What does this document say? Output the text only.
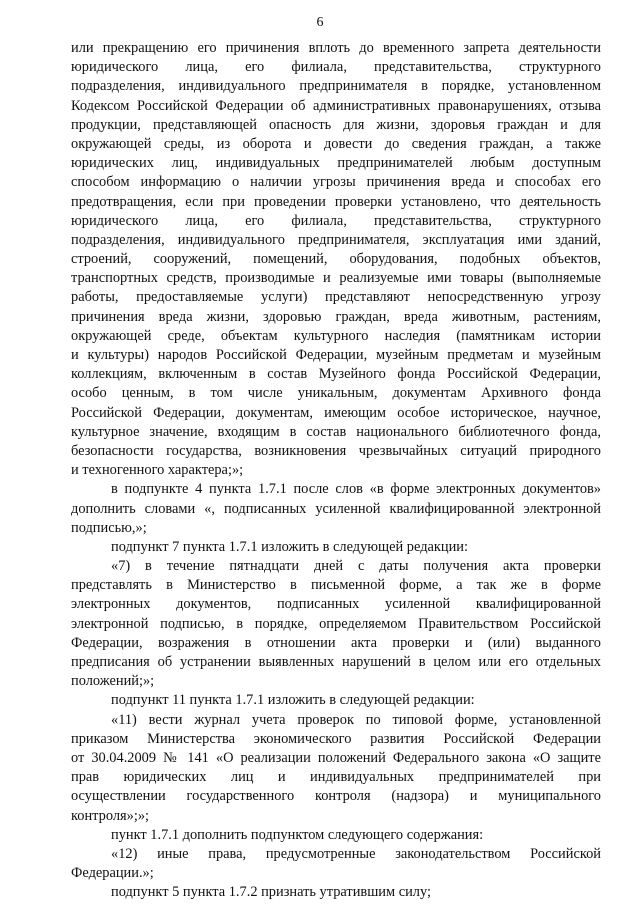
6
или прекращению его причинения вплоть до временного запрета деятельности
юридического лица, его филиала, представительства, структурного
подразделения, индивидуального предпринимателя в порядке, установленном
Кодексом Российской Федерации об административных правонарушениях, отзыва
продукции, представляющей опасность для жизни, здоровья граждан и для
окружающей среды, из оборота и довести до сведения граждан, а также
юридических лиц, индивидуальных предпринимателей любым доступным
способом информацию о наличии угрозы причинения вреда и способах его
предотвращения, если при проведении проверки установлено, что деятельность
юридического лица, его филиала, представительства, структурного
подразделения, индивидуального предпринимателя, эксплуатация ими зданий,
строений, сооружений, помещений, оборудования, подобных объектов,
транспортных средств, производимые и реализуемые ими товары (выполняемые
работы, предоставляемые услуги) представляют непосредственную угрозу
причинения вреда жизни, здоровью граждан, вреда животным, растениям,
окружающей среде, объектам культурного наследия (памятникам истории
и культуры) народов Российской Федерации, музейным предметам и музейным
коллекциям, включенным в состав Музейного фонда Российской Федерации,
особо ценным, в том числе уникальным, документам Архивного фонда
Российской Федерации, документам, имеющим особое историческое, научное,
культурное значение, входящим в состав национального библиотечного фонда,
безопасности государства, возникновения чрезвычайных ситуаций природного
и техногенного характера;»;
в подпункте 4 пункта 1.7.1 после слов «в форме электронных документов»
дополнить словами «, подписанных усиленной квалифицированной электронной
подписью,»;
подпункт 7 пункта 1.7.1 изложить в следующей редакции:
«7) в течение пятнадцати дней с даты получения акта проверки
представлять в Министерство в письменной форме, а так же в форме
электронных документов, подписанных усиленной квалифицированной
электронной подписью, в порядке, определяемом Правительством Российской
Федерации, возражения в отношении акта проверки и (или) выданного
предписания об устранении выявленных нарушений в целом или его отдельных
положений;»;
подпункт 11 пункта 1.7.1 изложить в следующей редакции:
«11) вести журнал учета проверок по типовой форме, установленной
приказом Министерства экономического развития Российской Федерации
от 30.04.2009 № 141 «О реализации положений Федерального закона «О защите
прав юридических лиц и индивидуальных предпринимателей при
осуществлении государственного контроля (надзора) и муниципального
контроля»;»;
пункт 1.7.1 дополнить подпунктом следующего содержания:
«12) иные права, предусмотренные законодательством Российской
Федерации.»;
подпункт 5 пункта 1.7.2 признать утратившим силу;
